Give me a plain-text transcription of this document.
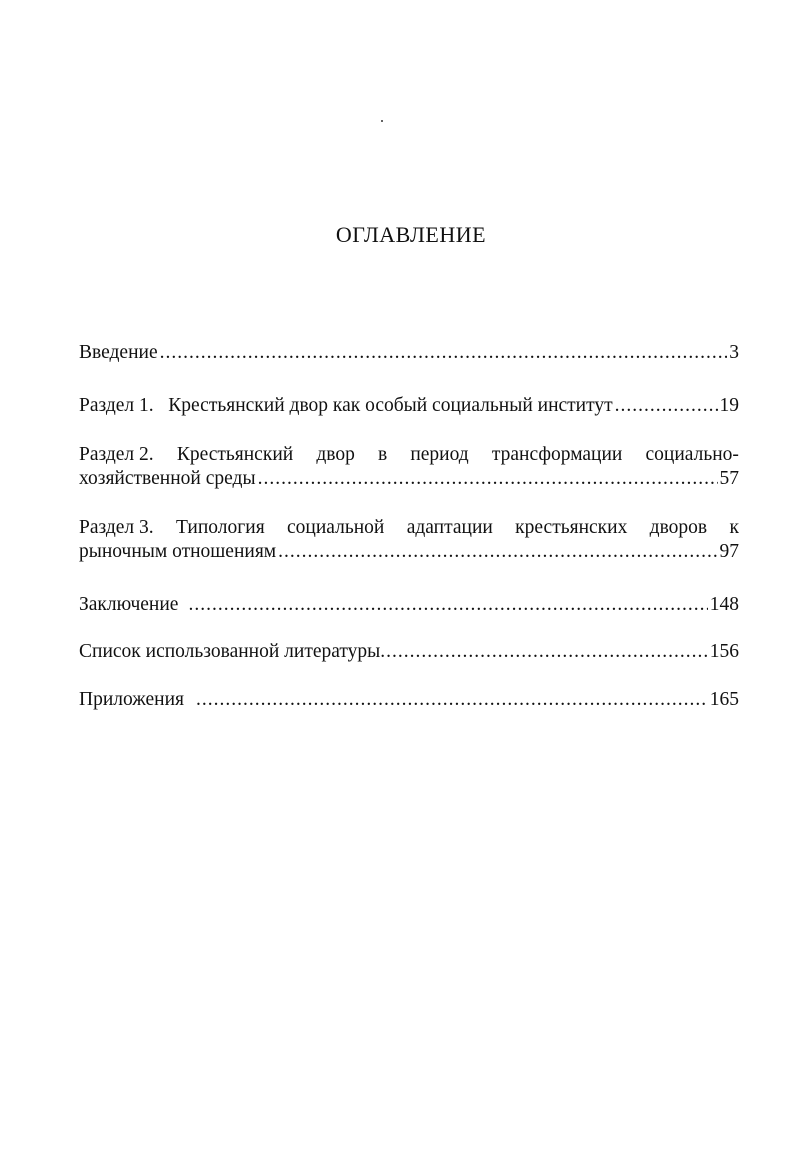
ОГЛАВЛЕНИЕ
Введение .....	3
Раздел 1.   Крестьянский двор как особый социальный институт .....	19
Раздел 2. Крестьянский двор в период трансформации социально-
хозяйственной среды .....	57
Раздел 3. Типология социальной адаптации крестьянских дворов к
рыночным отношениям .....	97
Заключение .....	148
Список использованной литературы .....	156
Приложения .....	165
